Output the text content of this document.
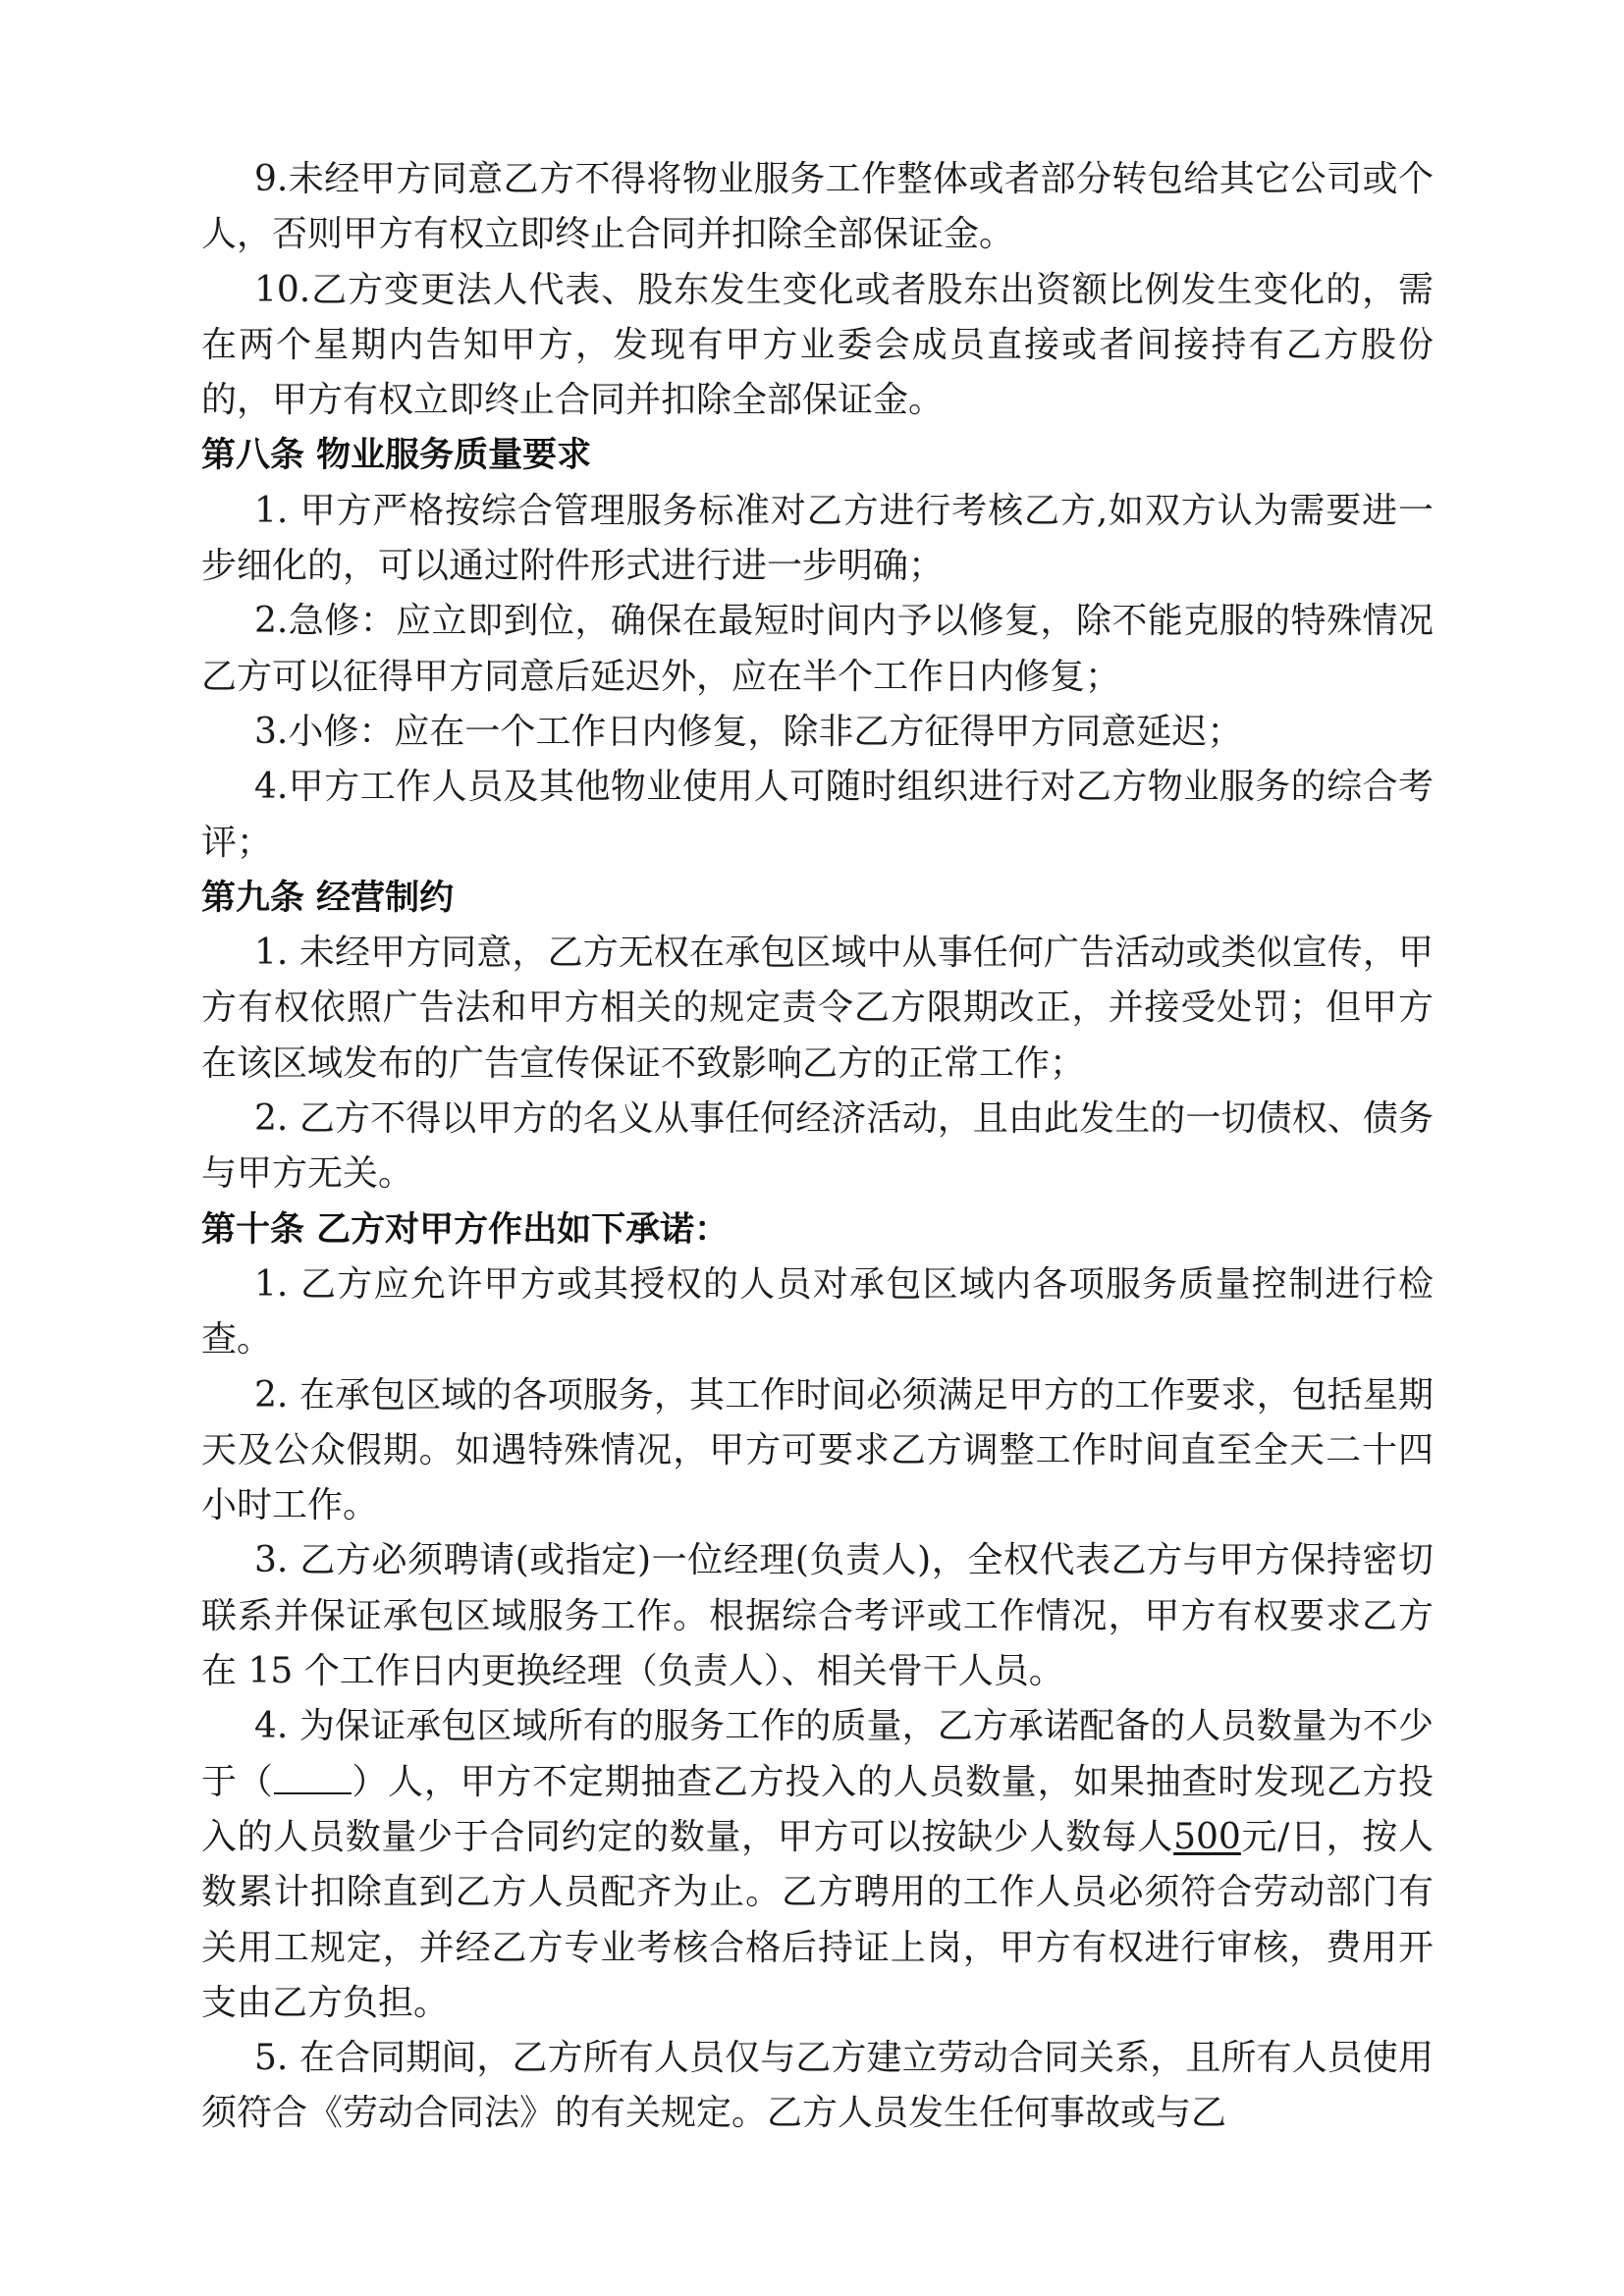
9.未经甲方同意乙方不得将物业服务工作整体或者部分转包给其它公司或个人，否则甲方有权立即终止合同并扣除全部保证金。

10.乙方变更法人代表、股东发生变化或者股东出资额比例发生变化的，需在两个星期内告知甲方，发现有甲方业委会成员直接或者间接持有乙方股份的，甲方有权立即终止合同并扣除全部保证金。

第八条 物业服务质量要求

1. 甲方严格按综合管理服务标准对乙方进行考核乙方,如双方认为需要进一步细化的，可以通过附件形式进行进一步明确；

2.急修：应立即到位，确保在最短时间内予以修复，除不能克服的特殊情况乙方可以征得甲方同意后延迟外，应在半个工作日内修复；

3.小修：应在一个工作日内修复，除非乙方征得甲方同意延迟；

4.甲方工作人员及其他物业使用人可随时组织进行对乙方物业服务的综合考评；

第九条 经营制约

1. 未经甲方同意，乙方无权在承包区域中从事任何广告活动或类似宣传，甲方有权依照广告法和甲方相关的规定责令乙方限期改正，并接受处罚；但甲方在该区域发布的广告宣传保证不致影响乙方的正常工作；

2. 乙方不得以甲方的名义从事任何经济活动，且由此发生的一切债权、债务与甲方无关。

第十条 乙方对甲方作出如下承诺：

1. 乙方应允许甲方或其授权的人员对承包区域内各项服务质量控制进行检查。

2. 在承包区域的各项服务，其工作时间必须满足甲方的工作要求，包括星期天及公众假期。如遇特殊情况，甲方可要求乙方调整工作时间直至全天二十四小时工作。

3. 乙方必须聘请(或指定)一位经理(负责人)，全权代表乙方与甲方保持密切联系并保证承包区域服务工作。根据综合考评或工作情况，甲方有权要求乙方在 15 个工作日内更换经理（负责人）、相关骨干人员。

4. 为保证承包区域所有的服务工作的质量，乙方承诺配备的人员数量为不少于（ ）人，甲方不定期抽查乙方投入的人员数量，如果抽查时发现乙方投入的人员数量少于合同约定的数量，甲方可以按缺少人数每人500元/日，按人数累计扣除直到乙方人员配齐为止。乙方聘用的工作人员必须符合劳动部门有关用工规定，并经乙方专业考核合格后持证上岗，甲方有权进行审核，费用开支由乙方负担。

5. 在合同期间，乙方所有人员仅与乙方建立劳动合同关系，且所有人员使用须符合《劳动合同法》的有关规定。乙方人员发生任何事故或与乙
